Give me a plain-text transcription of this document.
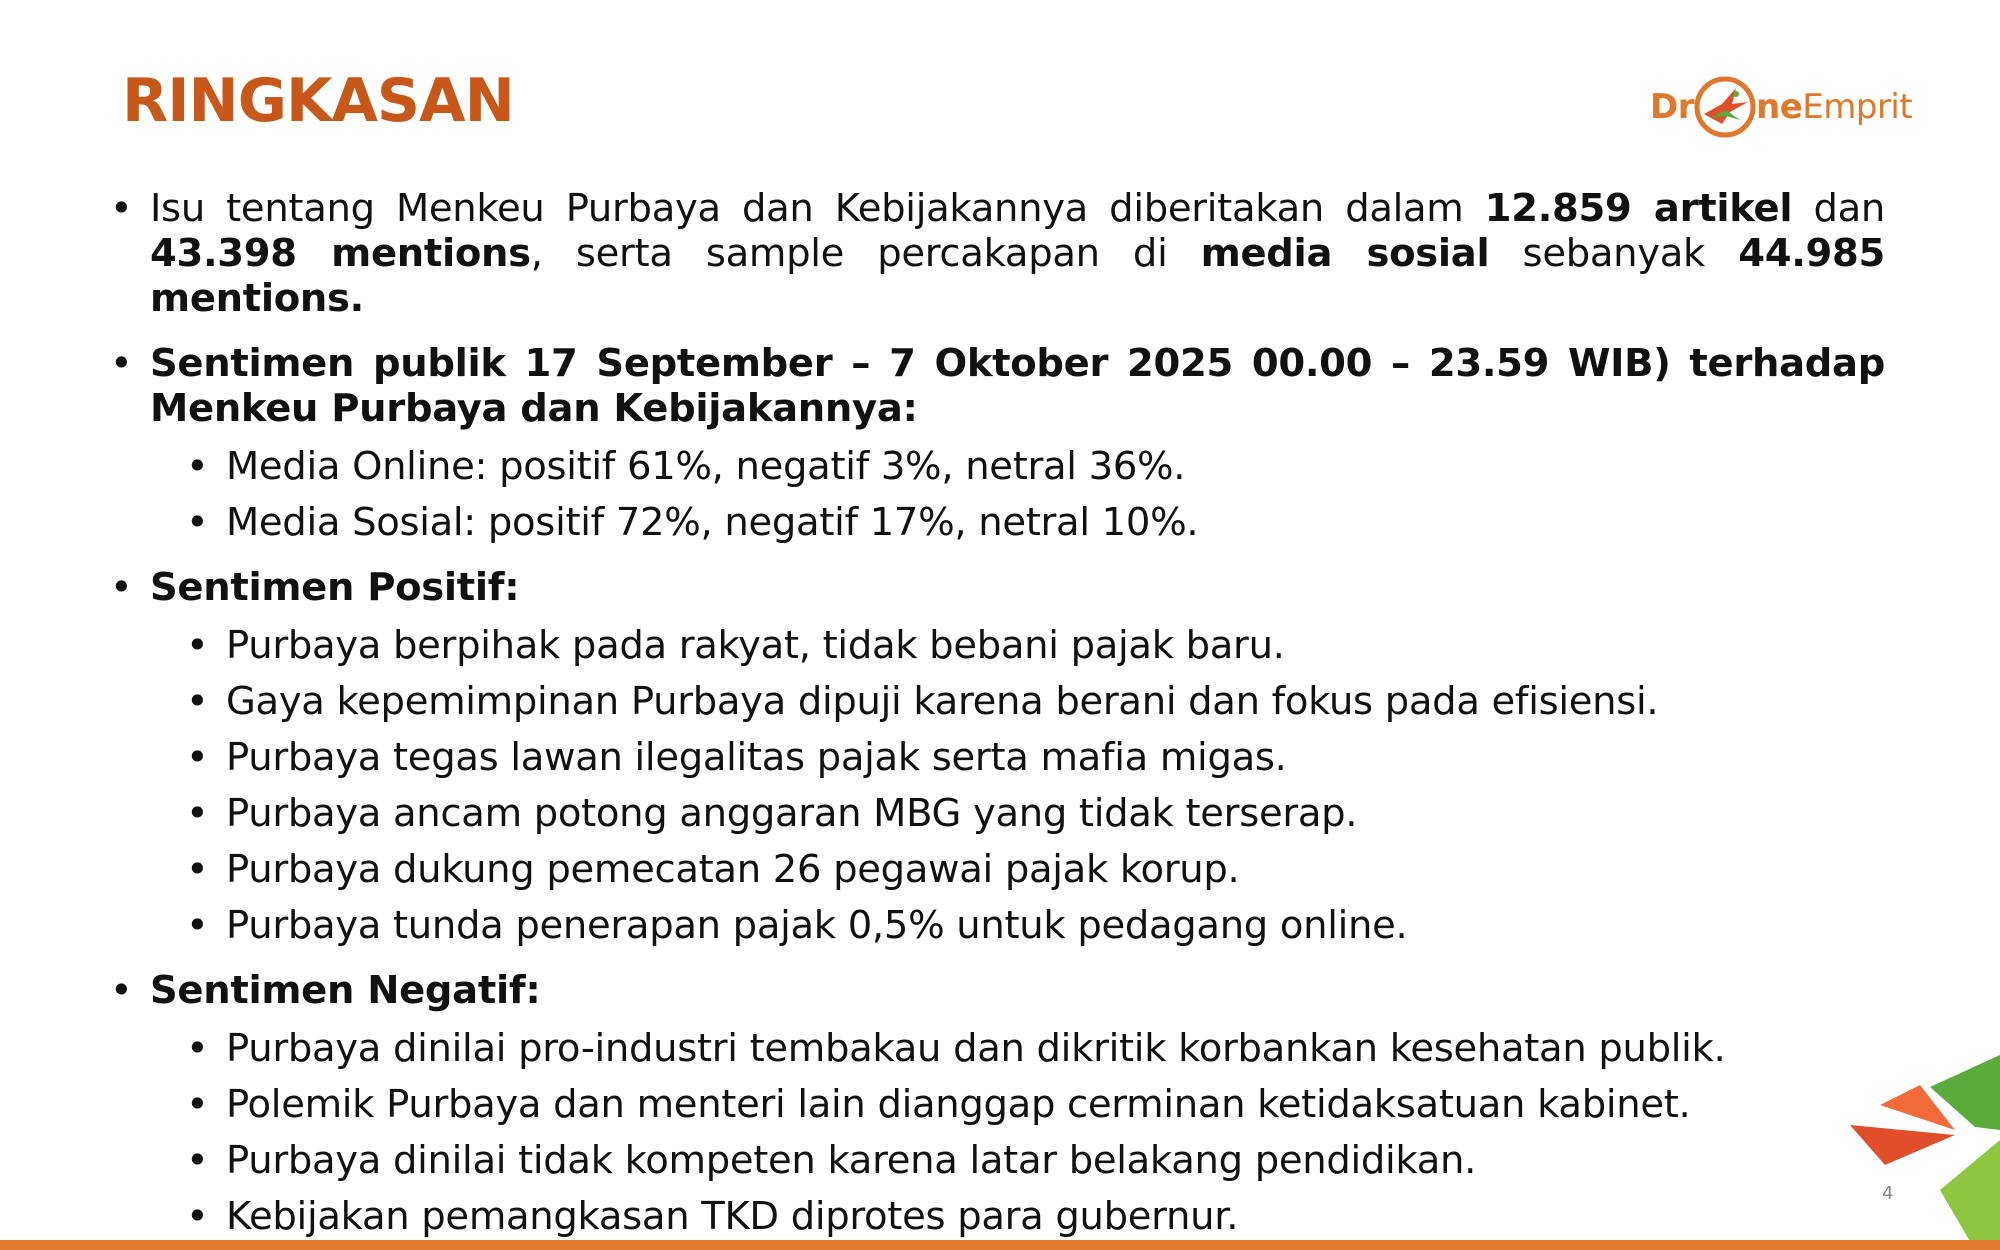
RINGKASAN	Dr ne Emprit

• Isu tentang Menkeu Purbaya dan Kebijakannya diberitakan dalam 12.859 artikel dan 43.398 mentions, serta sample percakapan di media sosial sebanyak 44.985 mentions.

• Sentimen publik 17 September – 7 Oktober 2025 00.00 – 23.59 WIB) terhadap Menkeu Purbaya dan Kebijakannya:

• Media Online: positif 61%, negatif 3%, netral 36%.

• Media Sosial: positif 72%, negatif 17%, netral 10%.

• Sentimen Positif:

• Purbaya berpihak pada rakyat, tidak bebani pajak baru.

• Gaya kepemimpinan Purbaya dipuji karena berani dan fokus pada efisiensi.

• Purbaya tegas lawan ilegalitas pajak serta mafia migas.

• Purbaya ancam potong anggaran MBG yang tidak terserap.

• Purbaya dukung pemecatan 26 pegawai pajak korup.

• Purbaya tunda penerapan pajak 0,5% untuk pedagang online.

• Sentimen Negatif:

• Purbaya dinilai pro-industri tembakau dan dikritik korbankan kesehatan publik.

• Polemik Purbaya dan menteri lain dianggap cerminan ketidaksatuan kabinet.

• Purbaya dinilai tidak kompeten karena latar belakang pendidikan.

• Kebijakan pemangkasan TKD diprotes para gubernur.

4
